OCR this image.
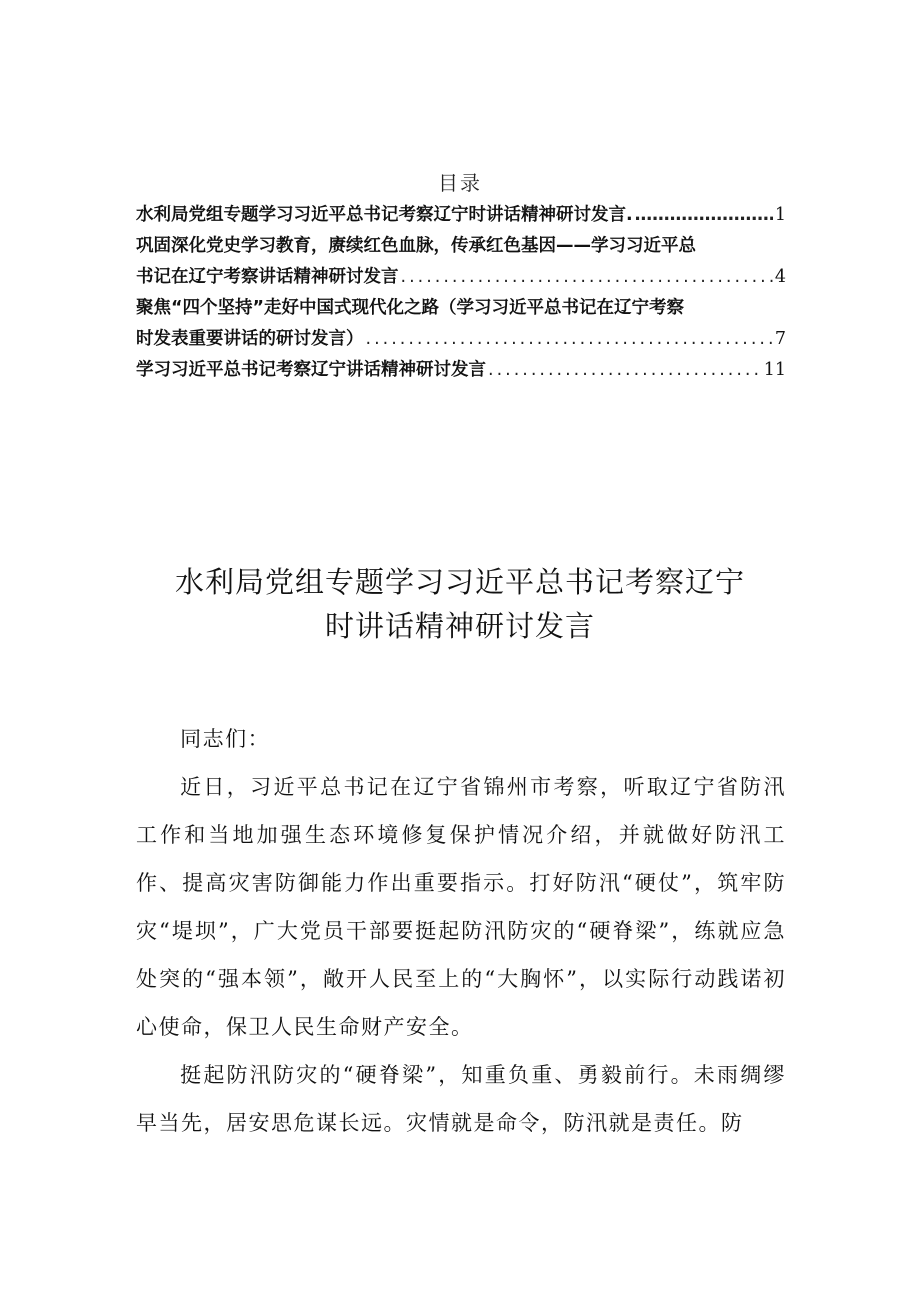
目录
水利局党组专题学习习近平总书记考察辽宁时讲话精神研讨发言. ………………………………	1
巩固深化党史学习教育，赓续红色血脉，传承红色基因——学习习近平总
书记在辽宁考察讲话精神研讨发言 .....	4
聚焦“四个坚持”走好中国式现代化之路（学习习近平总书记在辽宁考察
时发表重要讲话的研讨发言） .....	7
学习习近平总书记考察辽宁讲话精神研讨发言 .....	11
水利局党组专题学习习近平总书记考察辽宁
时讲话精神研讨发言

同志们：

近日，习近平总书记在辽宁省锦州市考察，听取辽宁省防汛工作和当地加强生态环境修复保护情况介绍，并就做好防汛工作、提高灾害防御能力作出重要指示。打好防汛“硬仗”，筑牢防灾“堤坝”，广大党员干部要挺起防汛防灾的“硬脊梁”，练就应急处突的“强本领”，敞开人民至上的“大胸怀”，以实际行动践诺初心使命，保卫人民生命财产安全。

挺起防汛防灾的“硬脊梁”，知重负重、勇毅前行。未雨绸缪早当先，居安思危谋长远。灾情就是命令，防汛就是责任。防
